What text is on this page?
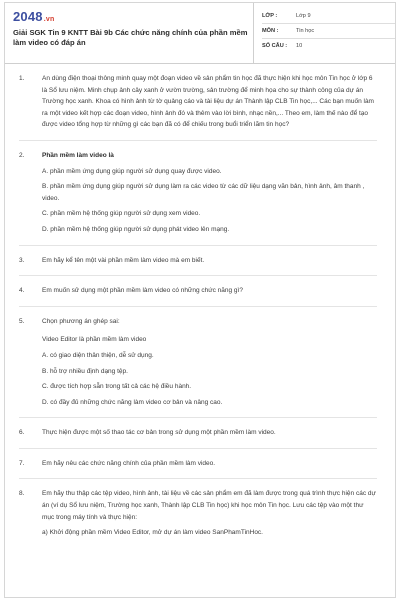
2048.vn
Giải SGK Tin 9 KNTT Bài 9b Các chức năng chính của phần mềm làm video có đáp án
LỚP :	Lớp 9
MÔN :	Tin học
SỐ CÂU :	10
1.	An dùng điện thoại thông minh quay một đoạn video về sản phẩm tin học đã thực hiện khi học môn Tin học ở lớp 6 là Sổ lưu niệm. Minh chụp ảnh cây xanh ở vườn trường, sản trường để minh họa cho sự thành công của dự án Trường học xanh. Khoa có hình ảnh từ tờ quảng cáo và tài liệu dự án Thành lập CLB Tin học,... Các bạn muốn làm ra một video kết hợp các đoạn video, hình ảnh đó và thêm vào lời bình, nhạc nền,... Theo em, làm thế nào để tạo được video tổng hợp từ những gì các bạn đã có để chiếu trong buổi triển lãm tin học?
2.	Phần mềm làm video là
A. phần mềm ứng dụng giúp người sử dụng quay được video.
B. phần mềm ứng dụng giúp người sử dụng làm ra các video từ các dữ liệu dạng văn bản, hình ảnh, âm thanh , video.
C. phần mềm hệ thống giúp người sử dụng xem video.
D. phần mềm hệ thống giúp người sử dụng phát video lên mạng.
3.	Em hãy kể tên một vài phần mềm làm video mà em biết.
4.	Em muốn sử dụng một phần mềm làm video có những chức năng gì?
5.	Chọn phương án ghép sai:
Video Editor là phần mềm làm video
A. có giao diện thân thiện, dễ sử dụng.
B. hỗ trợ nhiều định dạng tệp.
C. được tích hợp sẵn trong tất cả các hệ điều hành.
D. có đầy đủ những chức năng làm video cơ bản và nâng cao.
6.	Thực hiện được một số thao tác cơ bản trong sử dụng một phần mềm làm video.
7.	Em hãy nêu các chức năng chính của phần mềm làm video.
8.	Em hãy thu thập các tệp video, hình ảnh, tài liệu về các sản phẩm em đã làm được trong quá trình thực hiện các dự án (ví dụ Sổ lưu niệm, Trường học xanh, Thành lập CLB Tin học) khi học môn Tin học. Lưu các tệp vào một thư mục trong máy tính và thực hiện:
a) Khởi động phần mềm Video Editor, mở dự án làm video SanPhamTinHoc.
